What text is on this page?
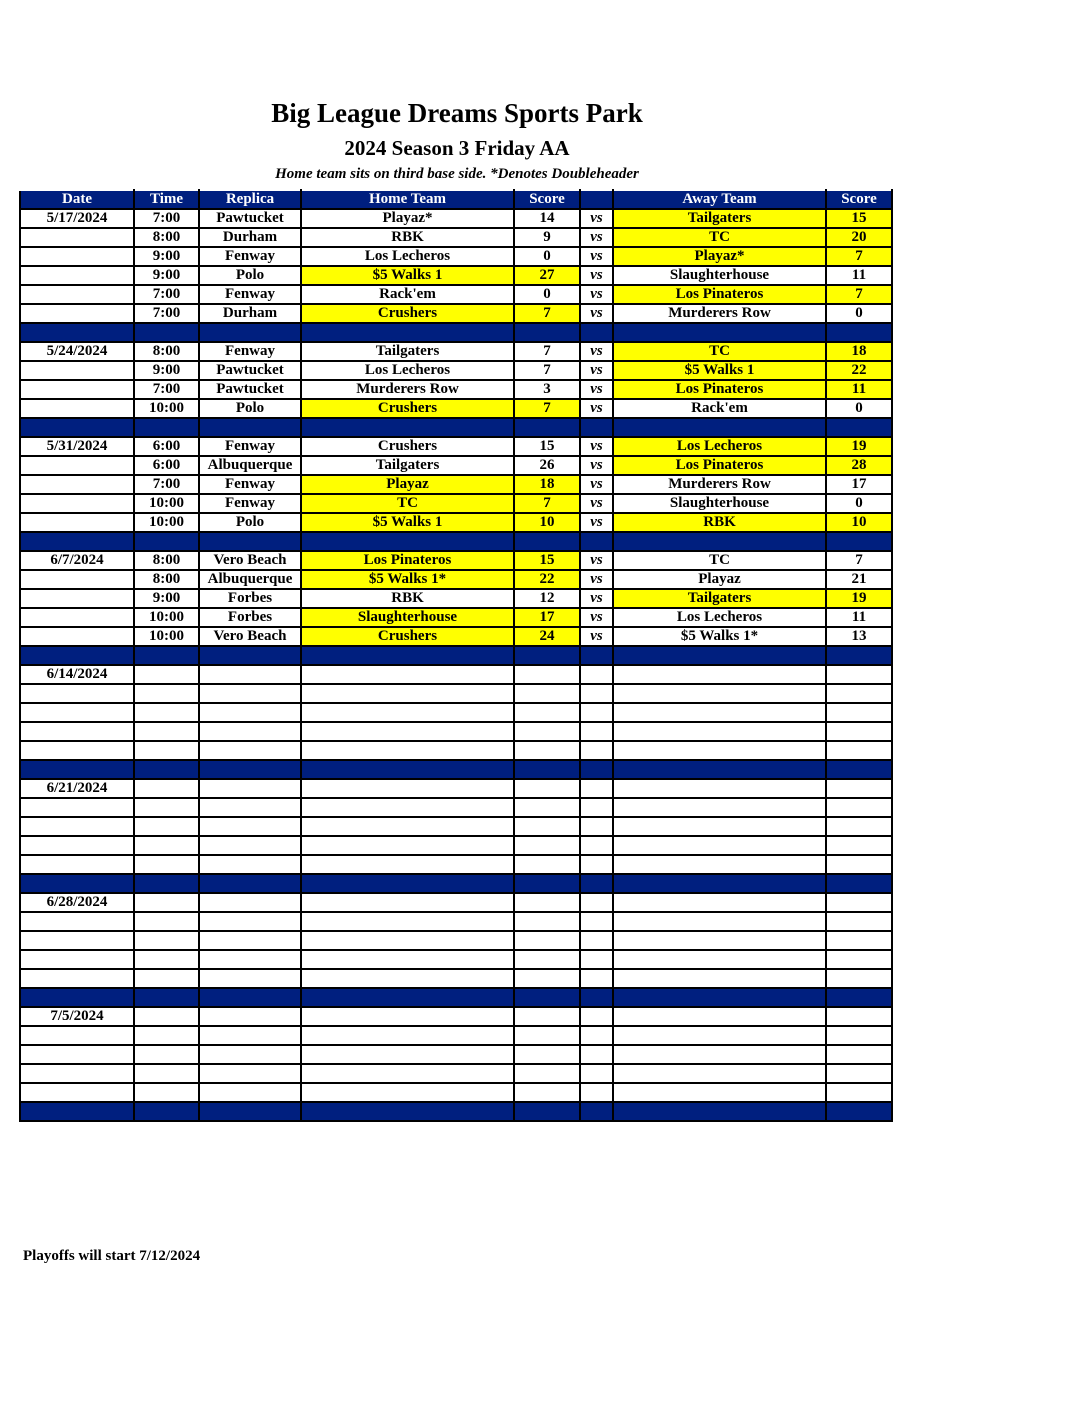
Big League Dreams Sports Park
2024 Season 3 Friday AA
Home team sits on third base side. *Denotes Doubleheader
Date	Time	Replica	Home Team	Score		Away Team	Score
5/17/2024	7:00	Pawtucket	Playaz*	14	vs	Tailgaters	15
	8:00	Durham	RBK	9	vs	TC	20
	9:00	Fenway	Los Lecheros	0	vs	Playaz*	7
	9:00	Polo	$5 Walks 1	27	vs	Slaughterhouse	11
	7:00	Fenway	Rack'em	0	vs	Los Pinateros	7
	7:00	Durham	Crushers	7	vs	Murderers Row	0

5/24/2024	8:00	Fenway	Tailgaters	7	vs	TC	18
	9:00	Pawtucket	Los Lecheros	7	vs	$5 Walks 1	22
	7:00	Pawtucket	Murderers Row	3	vs	Los Pinateros	11
	10:00	Polo	Crushers	7	vs	Rack'em	0

5/31/2024	6:00	Fenway	Crushers	15	vs	Los Lecheros	19
	6:00	Albuquerque	Tailgaters	26	vs	Los Pinateros	28
	7:00	Fenway	Playaz	18	vs	Murderers Row	17
	10:00	Fenway	TC	7	vs	Slaughterhouse	0
	10:00	Polo	$5 Walks 1	10	vs	RBK	10

6/7/2024	8:00	Vero Beach	Los Pinateros	15	vs	TC	7
	8:00	Albuquerque	$5 Walks 1*	22	vs	Playaz	21
	9:00	Forbes	RBK	12	vs	Tailgaters	19
	10:00	Forbes	Slaughterhouse	17	vs	Los Lecheros	11
	10:00	Vero Beach	Crushers	24	vs	$5 Walks 1*	13

6/14/2024							

6/21/2024							

6/28/2024							

7/5/2024							

Playoffs will start 7/12/2024
